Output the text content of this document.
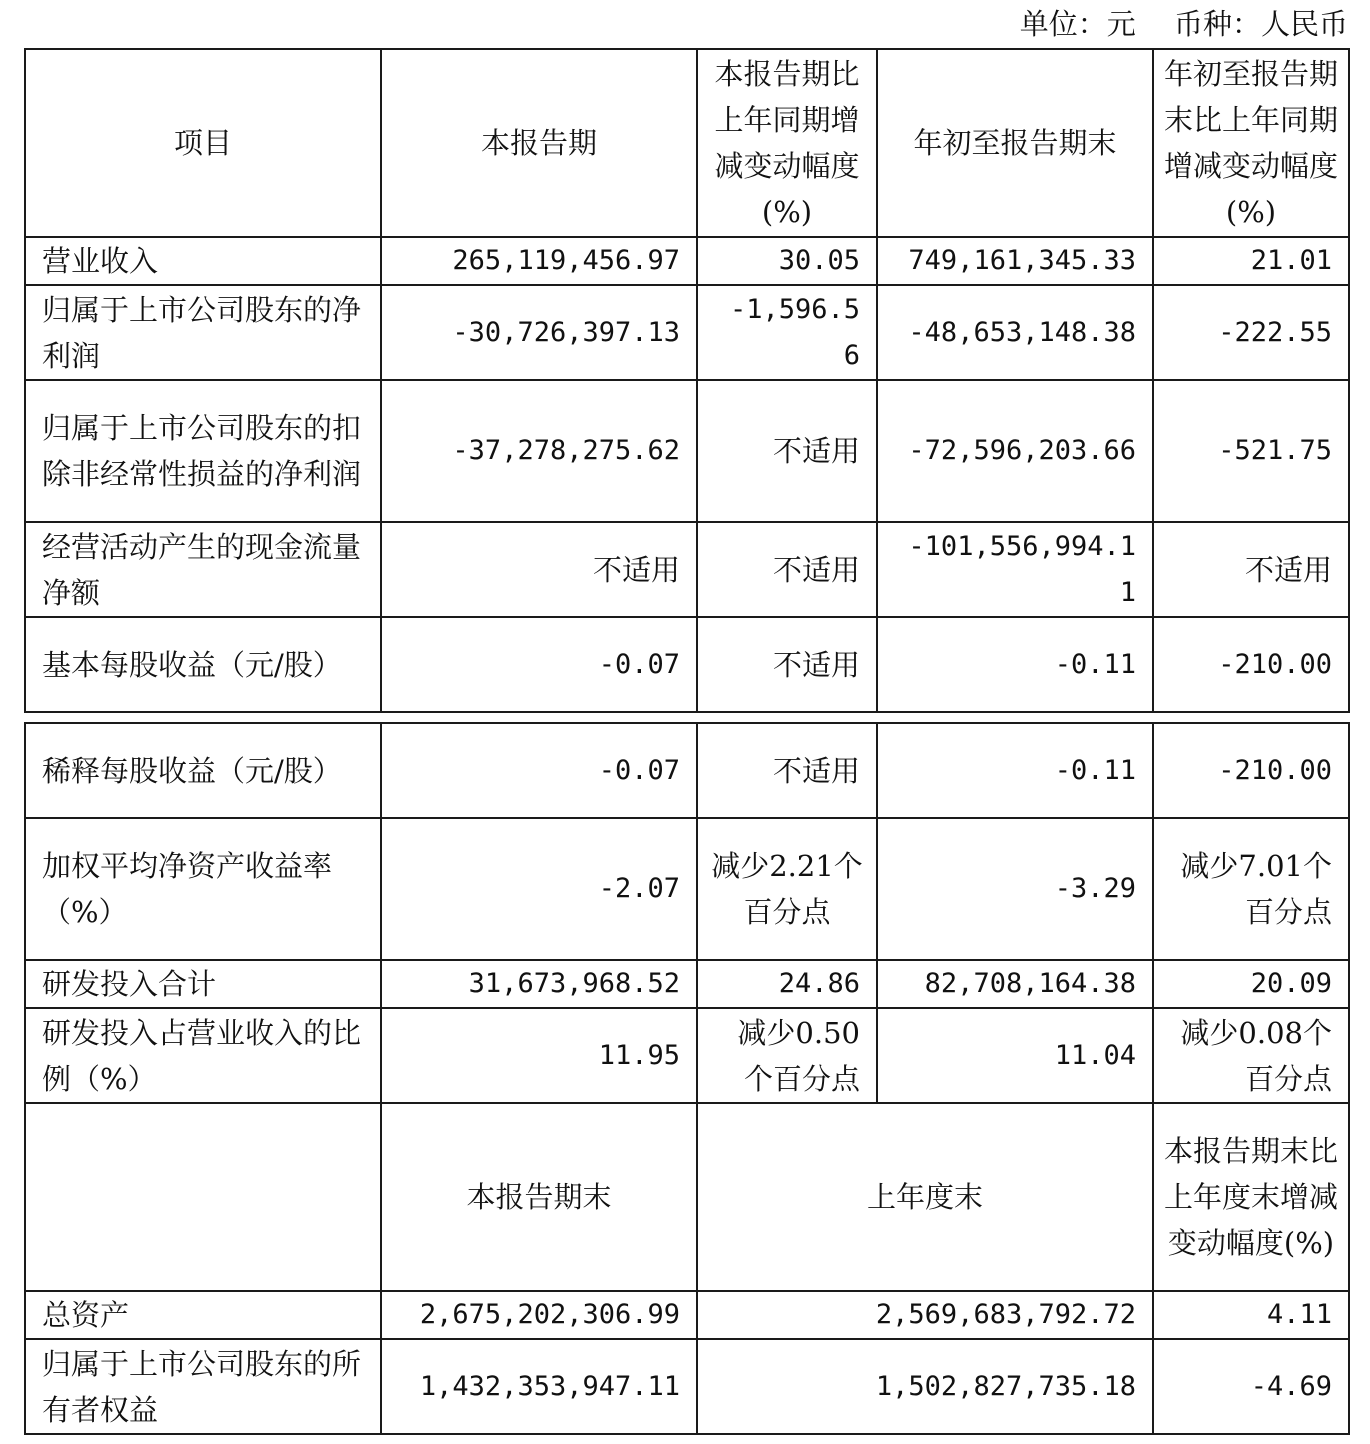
单位：元　 币种：人民币
项目	本报告期	本报告期比上年同期增减变动幅度(%)	年初至报告期末	年初至报告期末比上年同期增减变动幅度(%)
营业收入	265,119,456.97	30.05	749,161,345.33	21.01
归属于上市公司股东的净利润	-30,726,397.13	-1,596.56	-48,653,148.38	-222.55
归属于上市公司股东的扣除非经常性损益的净利润	-37,278,275.62	不适用	-72,596,203.66	-521.75
经营活动产生的现金流量净额	不适用	不适用	-101,556,994.11	不适用
基本每股收益（元/股）	-0.07	不适用	-0.11	-210.00
稀释每股收益（元/股）	-0.07	不适用	-0.11	-210.00
加权平均净资产收益率（%）	-2.07	减少2.21个百分点	-3.29	减少7.01个百分点
研发投入合计	31,673,968.52	24.86	82,708,164.38	20.09
研发投入占营业收入的比例（%）	11.95	减少0.50个百分点	11.04	减少0.08个百分点
	本报告期末	上年度末		本报告期末比上年度末增减变动幅度(%)
总资产	2,675,202,306.99	2,569,683,792.72		4.11
归属于上市公司股东的所有者权益	1,432,353,947.11	1,502,827,735.18		-4.69
